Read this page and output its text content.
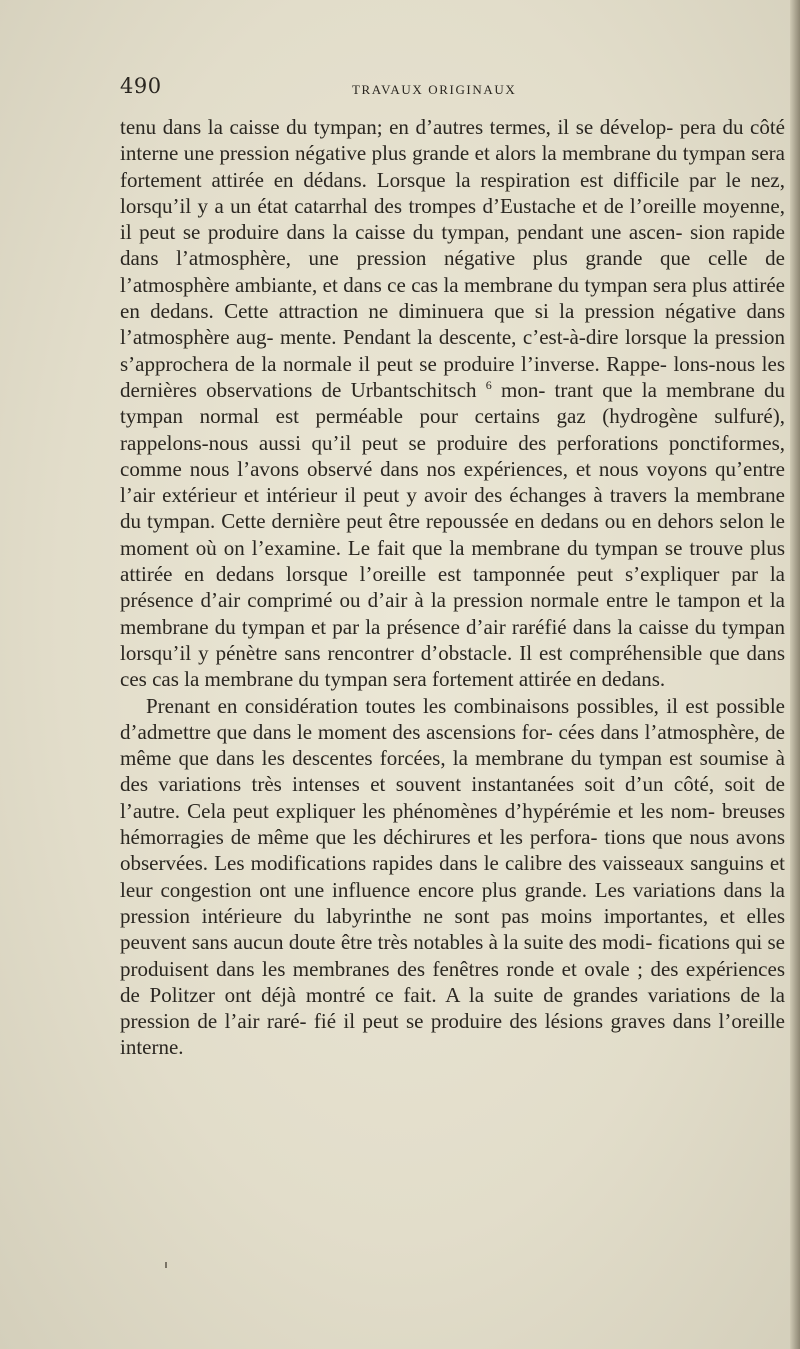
490	TRAVAUX ORIGINAUX

tenu dans la caisse du tympan; en d’autres termes, il se dévelop- pera du côté interne une pression négative plus grande et alors la membrane du tympan sera fortement attirée en dédans. Lorsque la respiration est difficile par le nez, lorsqu’il y a un état catarrhal des trompes d’Eustache et de l’oreille moyenne, il peut se produire dans la caisse du tympan, pendant une ascen- sion rapide dans l’atmosphère, une pression négative plus grande que celle de l’atmosphère ambiante, et dans ce cas la membrane du tympan sera plus attirée en dedans. Cette attraction ne diminuera que si la pression négative dans l’atmosphère aug- mente. Pendant la descente, c’est-à-dire lorsque la pression s’approchera de la normale il peut se produire l’inverse. Rappe- lons-nous les dernières observations de Urbantschitsch $^6$ mon- trant que la membrane du tympan normal est perméable pour certains gaz (hydrogène sulfuré), rappelons-nous aussi qu’il peut se produire des perforations ponctiformes, comme nous l’avons observé dans nos expériences, et nous voyons qu’entre l’air extérieur et intérieur il peut y avoir des échanges à travers la membrane du tympan. Cette dernière peut être repoussée en dedans ou en dehors selon le moment où on l’examine. Le fait que la membrane du tympan se trouve plus attirée en dedans lorsque l’oreille est tamponnée peut s’expliquer par la présence d’air comprimé ou d’air à la pression normale entre le tampon et la membrane du tympan et par la présence d’air raréfié dans la caisse du tympan lorsqu’il y pénètre sans rencontrer d’obstacle. Il est compréhensible que dans ces cas la membrane du tympan sera fortement attirée en dedans.

Prenant en considération toutes les combinaisons possibles, il est possible d’admettre que dans le moment des ascensions for- cées dans l’atmosphère, de même que dans les descentes forcées, la membrane du tympan est soumise à des variations très intenses et souvent instantanées soit d’un côté, soit de l’autre. Cela peut expliquer les phénomènes d’hypérémie et les nom- breuses hémorragies de même que les déchirures et les perfora- tions que nous avons observées. Les modifications rapides dans le calibre des vaisseaux sanguins et leur congestion ont une influence encore plus grande. Les variations dans la pression intérieure du labyrinthe ne sont pas moins importantes, et elles peuvent sans aucun doute être très notables à la suite des modi- fications qui se produisent dans les membranes des fenêtres ronde et ovale ; des expériences de Politzer ont déjà montré ce fait. A la suite de grandes variations de la pression de l’air raré- fié il peut se produire des lésions graves dans l’oreille interne.
